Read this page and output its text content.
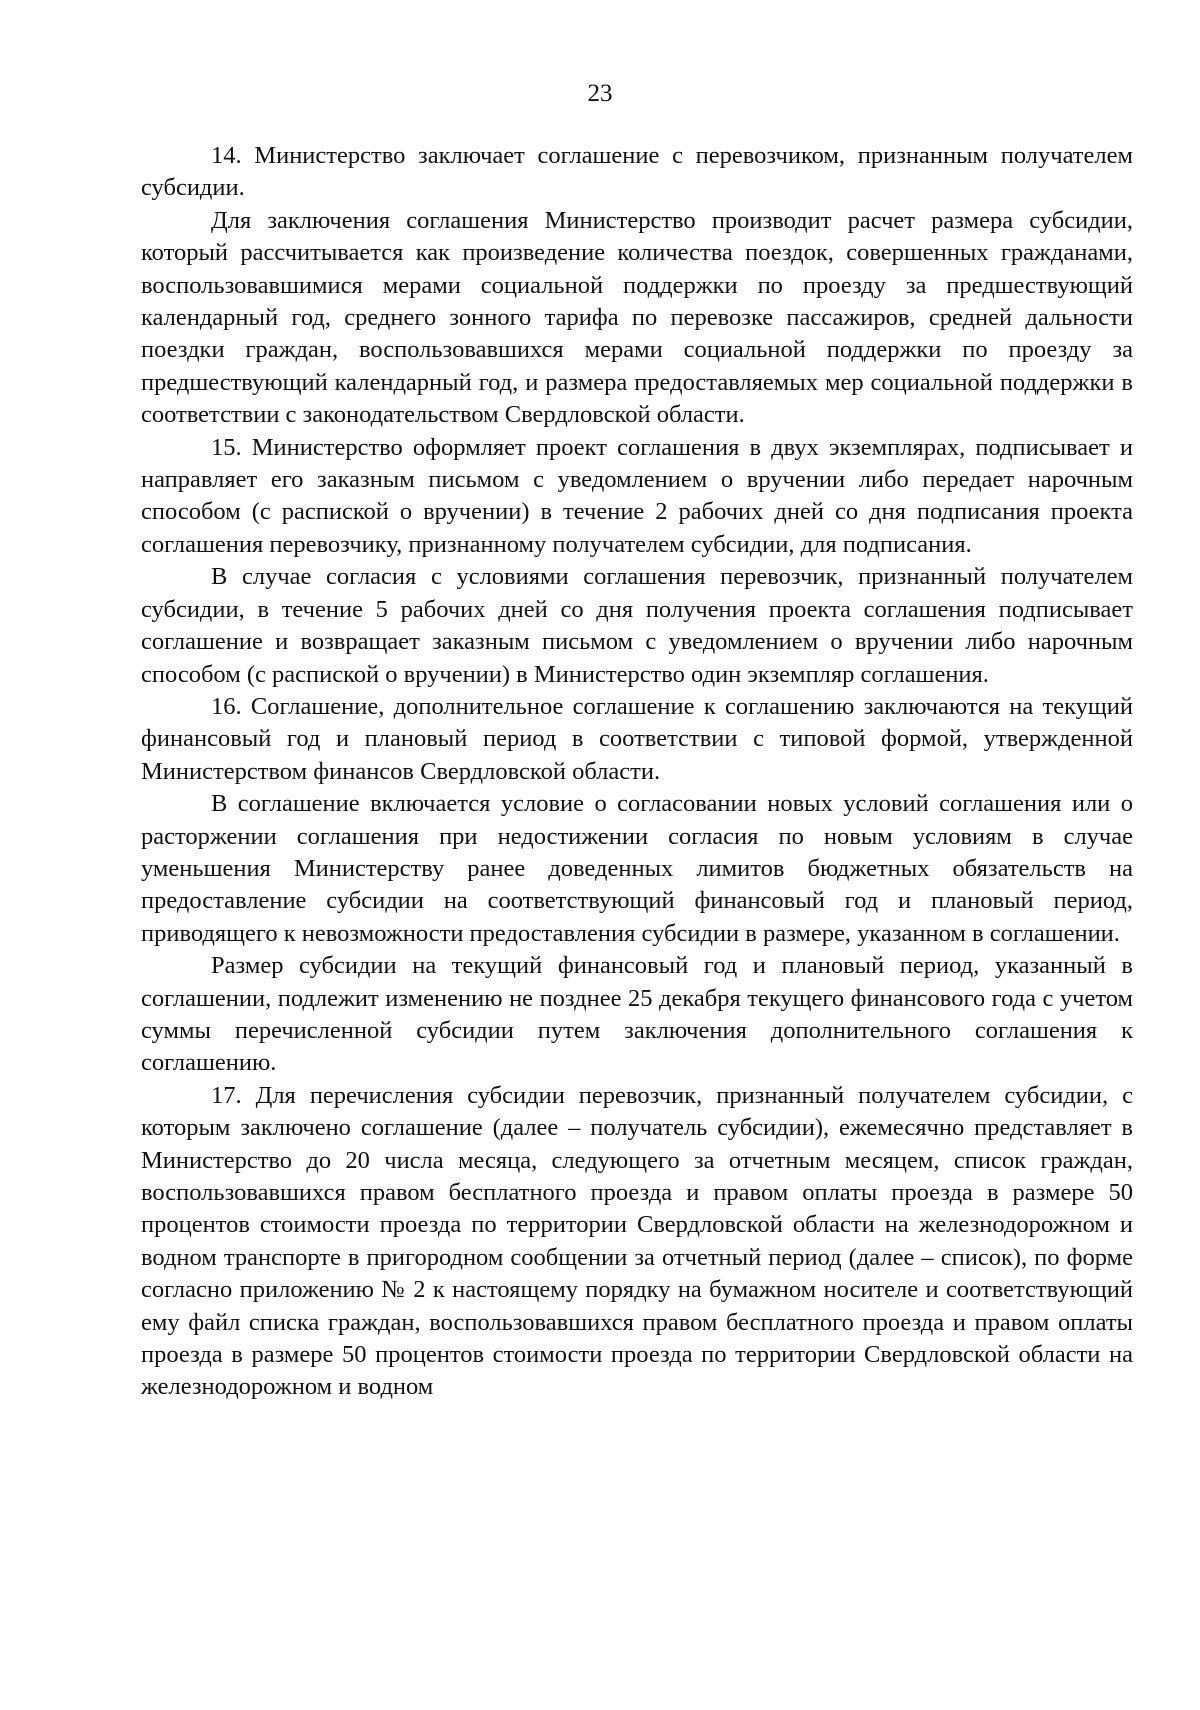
23

14. Министерство заключает соглашение с перевозчиком, признанным получателем субсидии.

Для заключения соглашения Министерство производит расчет размера субсидии, который рассчитывается как произведение количества поездок, совершенных гражданами, воспользовавшимися мерами социальной поддержки по проезду за предшествующий календарный год, среднего зонного тарифа по перевозке пассажиров, средней дальности поездки граждан, воспользовавшихся мерами социальной поддержки по проезду за предшествующий календарный год, и размера предоставляемых мер социальной поддержки в соответствии с законодательством Свердловской области.

15. Министерство оформляет проект соглашения в двух экземплярах, подписывает и направляет его заказным письмом с уведомлением о вручении либо передает нарочным способом (с распиской о вручении) в течение 2 рабочих дней со дня подписания проекта соглашения перевозчику, признанному получателем субсидии, для подписания.

В случае согласия с условиями соглашения перевозчик, признанный получателем субсидии, в течение 5 рабочих дней со дня получения проекта соглашения подписывает соглашение и возвращает заказным письмом с уведомлением о вручении либо нарочным способом (с распиской о вручении) в Министерство один экземпляр соглашения.

16. Соглашение, дополнительное соглашение к соглашению заключаются на текущий финансовый год и плановый период в соответствии с типовой формой, утвержденной Министерством финансов Свердловской области.

В соглашение включается условие о согласовании новых условий соглашения или о расторжении соглашения при недостижении согласия по новым условиям в случае уменьшения Министерству ранее доведенных лимитов бюджетных обязательств на предоставление субсидии на соответствующий финансовый год и плановый период, приводящего к невозможности предоставления субсидии в размере, указанном в соглашении.

Размер субсидии на текущий финансовый год и плановый период, указанный в соглашении, подлежит изменению не позднее 25 декабря текущего финансового года с учетом суммы перечисленной субсидии путем заключения дополнительного соглашения к соглашению.

17. Для перечисления субсидии перевозчик, признанный получателем субсидии, с которым заключено соглашение (далее – получатель субсидии), ежемесячно представляет в Министерство до 20 числа месяца, следующего за отчетным месяцем, список граждан, воспользовавшихся правом бесплатного проезда и правом оплаты проезда в размере 50 процентов стоимости проезда по территории Свердловской области на железнодорожном и водном транспорте в пригородном сообщении за отчетный период (далее – список), по форме согласно приложению № 2 к настоящему порядку на бумажном носителе и соответствующий ему файл списка граждан, воспользовавшихся правом бесплатного проезда и правом оплаты проезда в размере 50 процентов стоимости проезда по территории Свердловской области на железнодорожном и водном
